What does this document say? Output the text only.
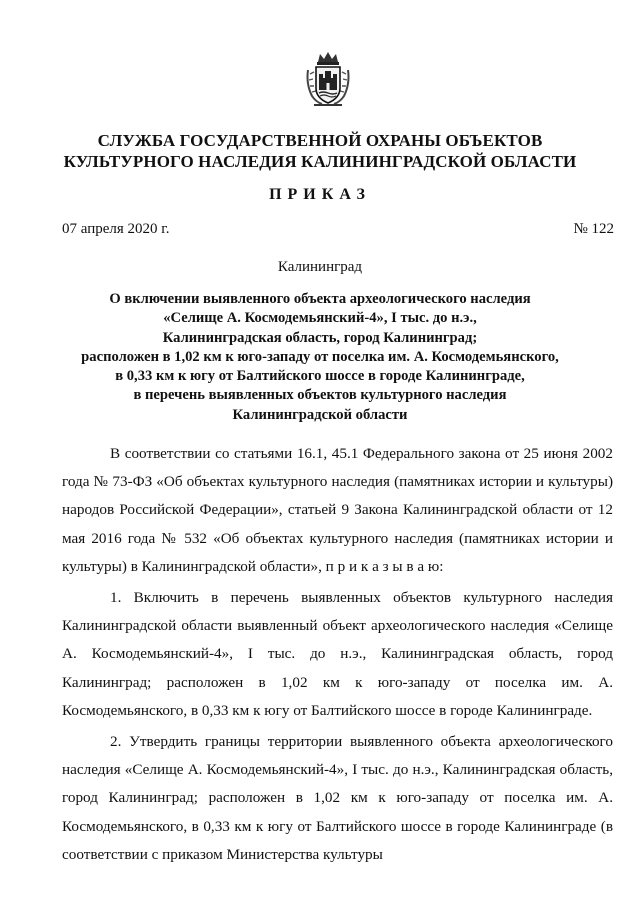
СЛУЖБА ГОСУДАРСТВЕННОЙ ОХРАНЫ ОБЪЕКТОВ
КУЛЬТУРНОГО НАСЛЕДИЯ КАЛИНИНГРАДСКОЙ ОБЛАСТИ
ПРИКАЗ
07 апреля 2020 г.	№ 122
Калининград
О включении выявленного объекта археологического наследия
«Селище А. Космодемьянский-4», I тыс. до н.э.,
Калининградская область, город Калининград;
расположен в 1,02 км к юго-западу от поселка им. А. Космодемьянского,
в 0,33 км к югу от Балтийского шоссе в городе Калининграде,
в перечень выявленных объектов культурного наследия
Калининградской области

В соответствии со статьями 16.1, 45.1 Федерального закона от 25 июня 2002 года № 73-ФЗ «Об объектах культурного наследия (памятниках истории и культуры) народов Российской Федерации», статьей 9 Закона Калининградской области от 12 мая 2016 года № 532 «Об объектах культурного наследия (памятниках истории и культуры) в Калининградской области», п р и к а з ы в а ю:

1. Включить в перечень выявленных объектов культурного наследия Калининградской области выявленный объект археологического наследия «Селище А. Космодемьянский-4», I тыс. до н.э., Калининградская область, город Калининград; расположен в 1,02 км к юго-западу от поселка им. А. Космодемьянского, в 0,33 км к югу от Балтийского шоссе в городе Калининграде.

2. Утвердить границы территории выявленного объекта археологического наследия «Селище А. Космодемьянский-4», I тыс. до н.э., Калининградская область, город Калининград; расположен в 1,02 км к юго-западу от поселка им. А. Космодемьянского, в 0,33 км к югу от Балтийского шоссе в городе Калининграде (в соответствии с приказом Министерства культуры
